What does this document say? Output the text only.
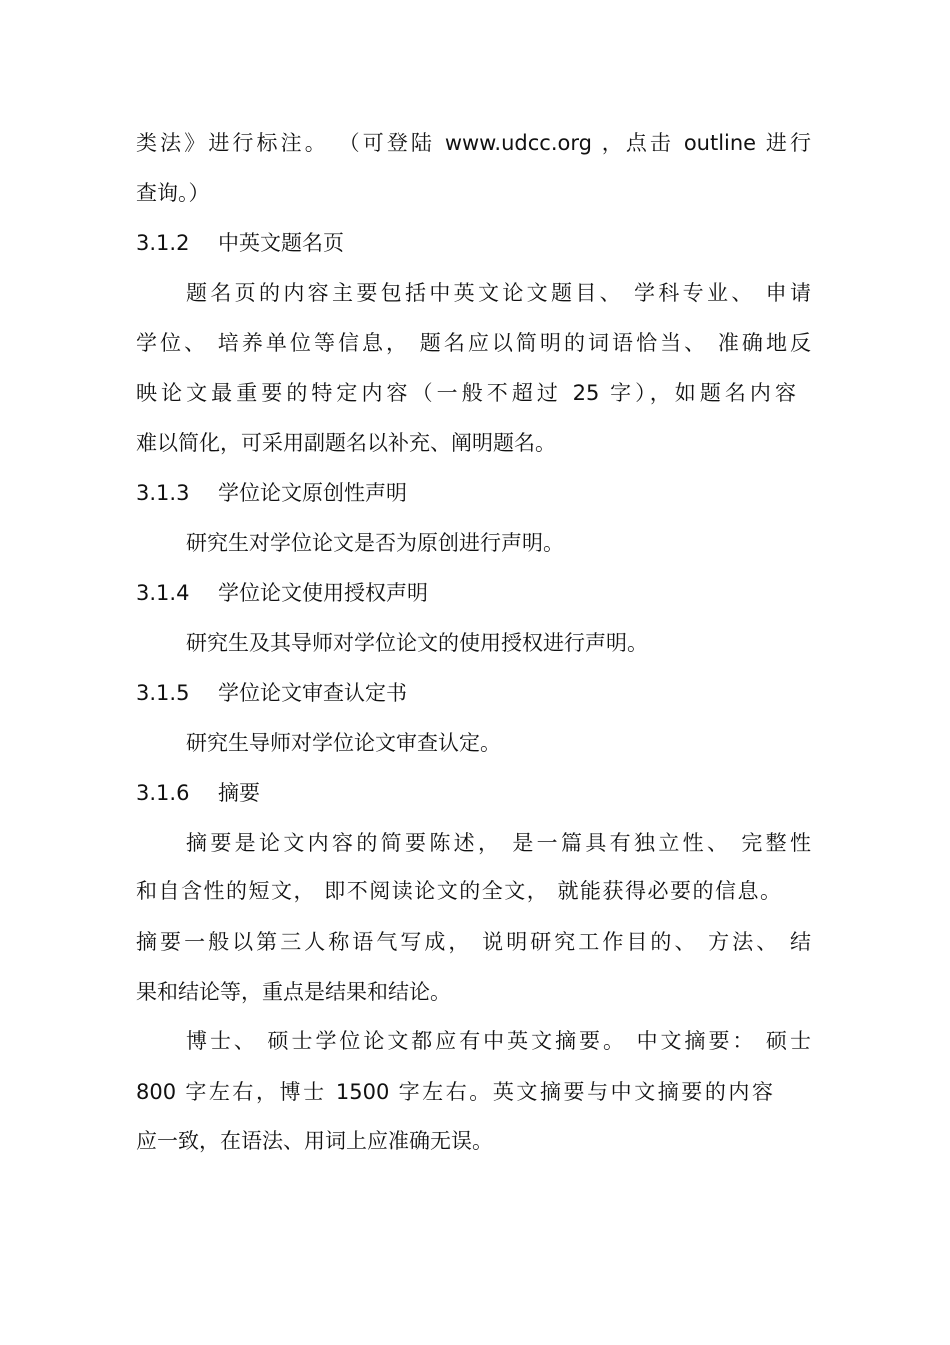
类法》进行标注。 （可登陆 www.udcc.org ，点击 outline 进行
查询。）
3.1.2 中英文题名页
题名页的内容主要包括中英文论文题目、 学科专业、 申请
学位、 培养单位等信息， 题名应以简明的词语恰当、 准确地反
映论文最重要的特定内容（一般不超过 25 字），如题名内容
难以简化，可采用副题名以补充、阐明题名。
3.1.3 学位论文原创性声明
研究生对学位论文是否为原创进行声明。
3.1.4 学位论文使用授权声明
研究生及其导师对学位论文的使用授权进行声明。
3.1.5 学位论文审查认定书
研究生导师对学位论文审查认定。
3.1.6 摘要
摘要是论文内容的简要陈述， 是一篇具有独立性、 完整性
和自含性的短文， 即不阅读论文的全文， 就能获得必要的信息。
摘要一般以第三人称语气写成， 说明研究工作目的、 方法、 结
果和结论等，重点是结果和结论。
博士、 硕士学位论文都应有中英文摘要。 中文摘要： 硕士
800 字左右，博士 1500 字左右。英文摘要与中文摘要的内容
应一致，在语法、用词上应准确无误。
